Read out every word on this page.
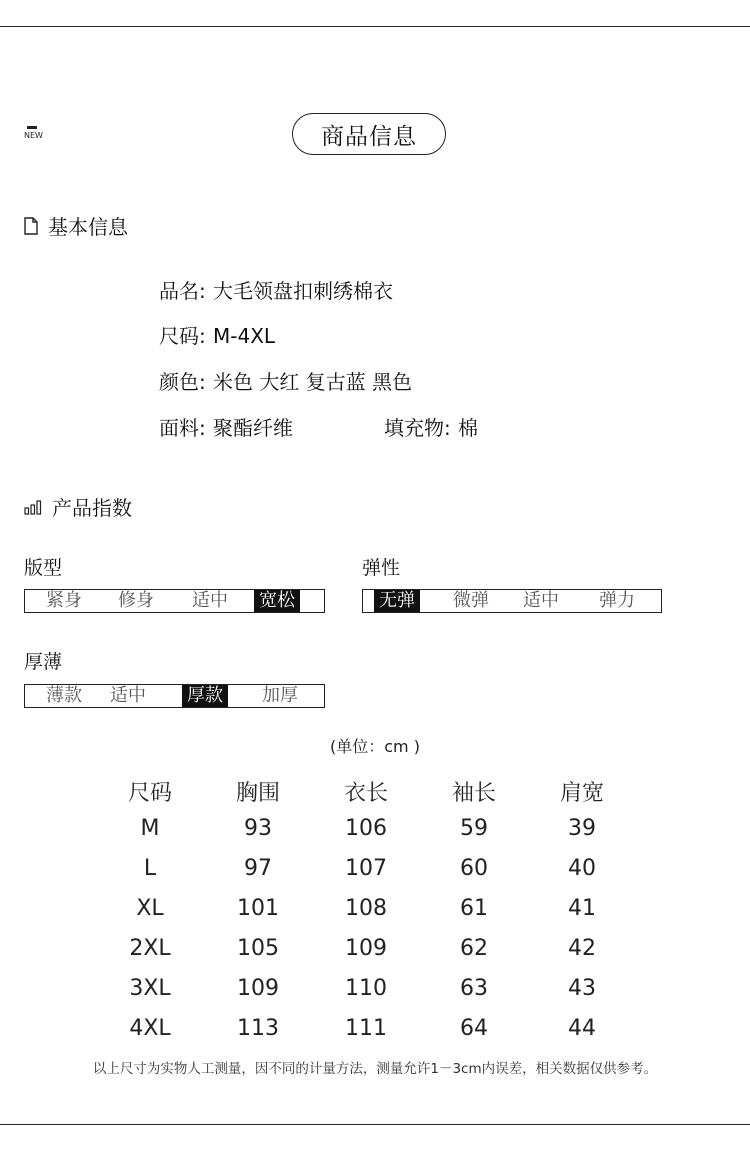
NEW	商品信息
基本信息
品名: 大毛领盘扣刺绣棉衣
尺码: M-4XL
颜色: 米色 大红 复古蓝 黑色
面料: 聚酯纤维	填充物: 棉
产品指数
版型
紧身 修身 适中 宽松
弹性
无弹 微弹 适中 弹力
厚薄
薄款 适中 厚款 加厚
(单位：cm )
尺码	胸围	衣长	袖长	肩宽
M	93	106	59	39
L	97	107	60	40
XL	101	108	61	41
2XL	105	109	62	42
3XL	109	110	63	43
4XL	113	111	64	44
以上尺寸为实物人工测量，因不同的计量方法，测量允许1－3cm内误差，相关数据仅供参考。
